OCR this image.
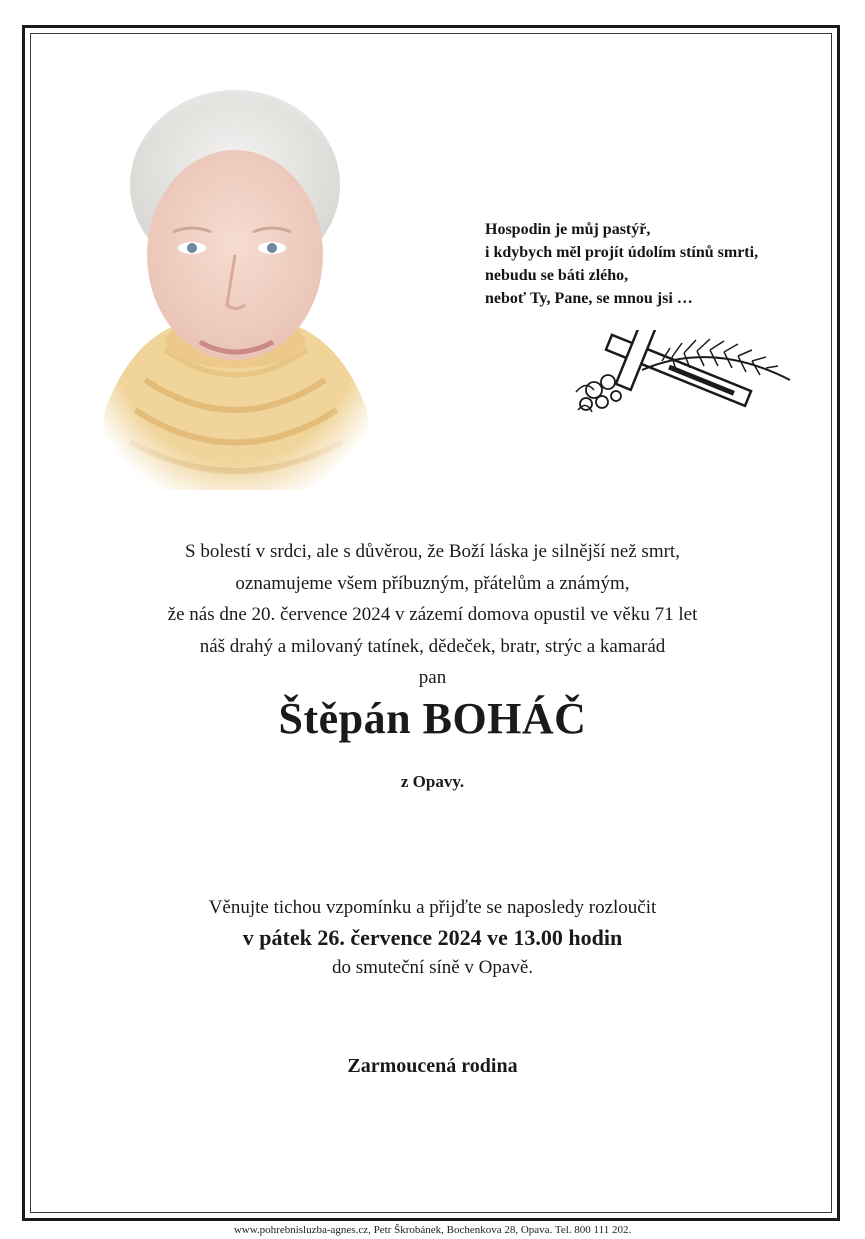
Hospodin je můj pastýř,
i kdybych měl projít údolím stínů smrti,
nebudu se báti zlého,
neboť Ty, Pane, se mnou jsi …
S bolestí v srdci, ale s důvěrou, že Boží láska je silnější než smrt,
oznamujeme všem příbuzným, přátelům a známým,
že nás dne 20. července 2024 v zázemí domova opustil ve věku 71 let
náš drahý a milovaný tatínek, dědeček, bratr, strýc a kamarád
pan
Štěpán BOHÁČ
z Opavy.
Věnujte tichou vzpomínku a přijďte se naposledy rozloučit
v pátek 26. července 2024 ve 13.00 hodin
do smuteční síně v Opavě.
Zarmoucená rodina
www.pohrebnisluzba-agnes.cz, Petr Škrobánek, Bochenkova 28, Opava. Tel. 800 111 202.
